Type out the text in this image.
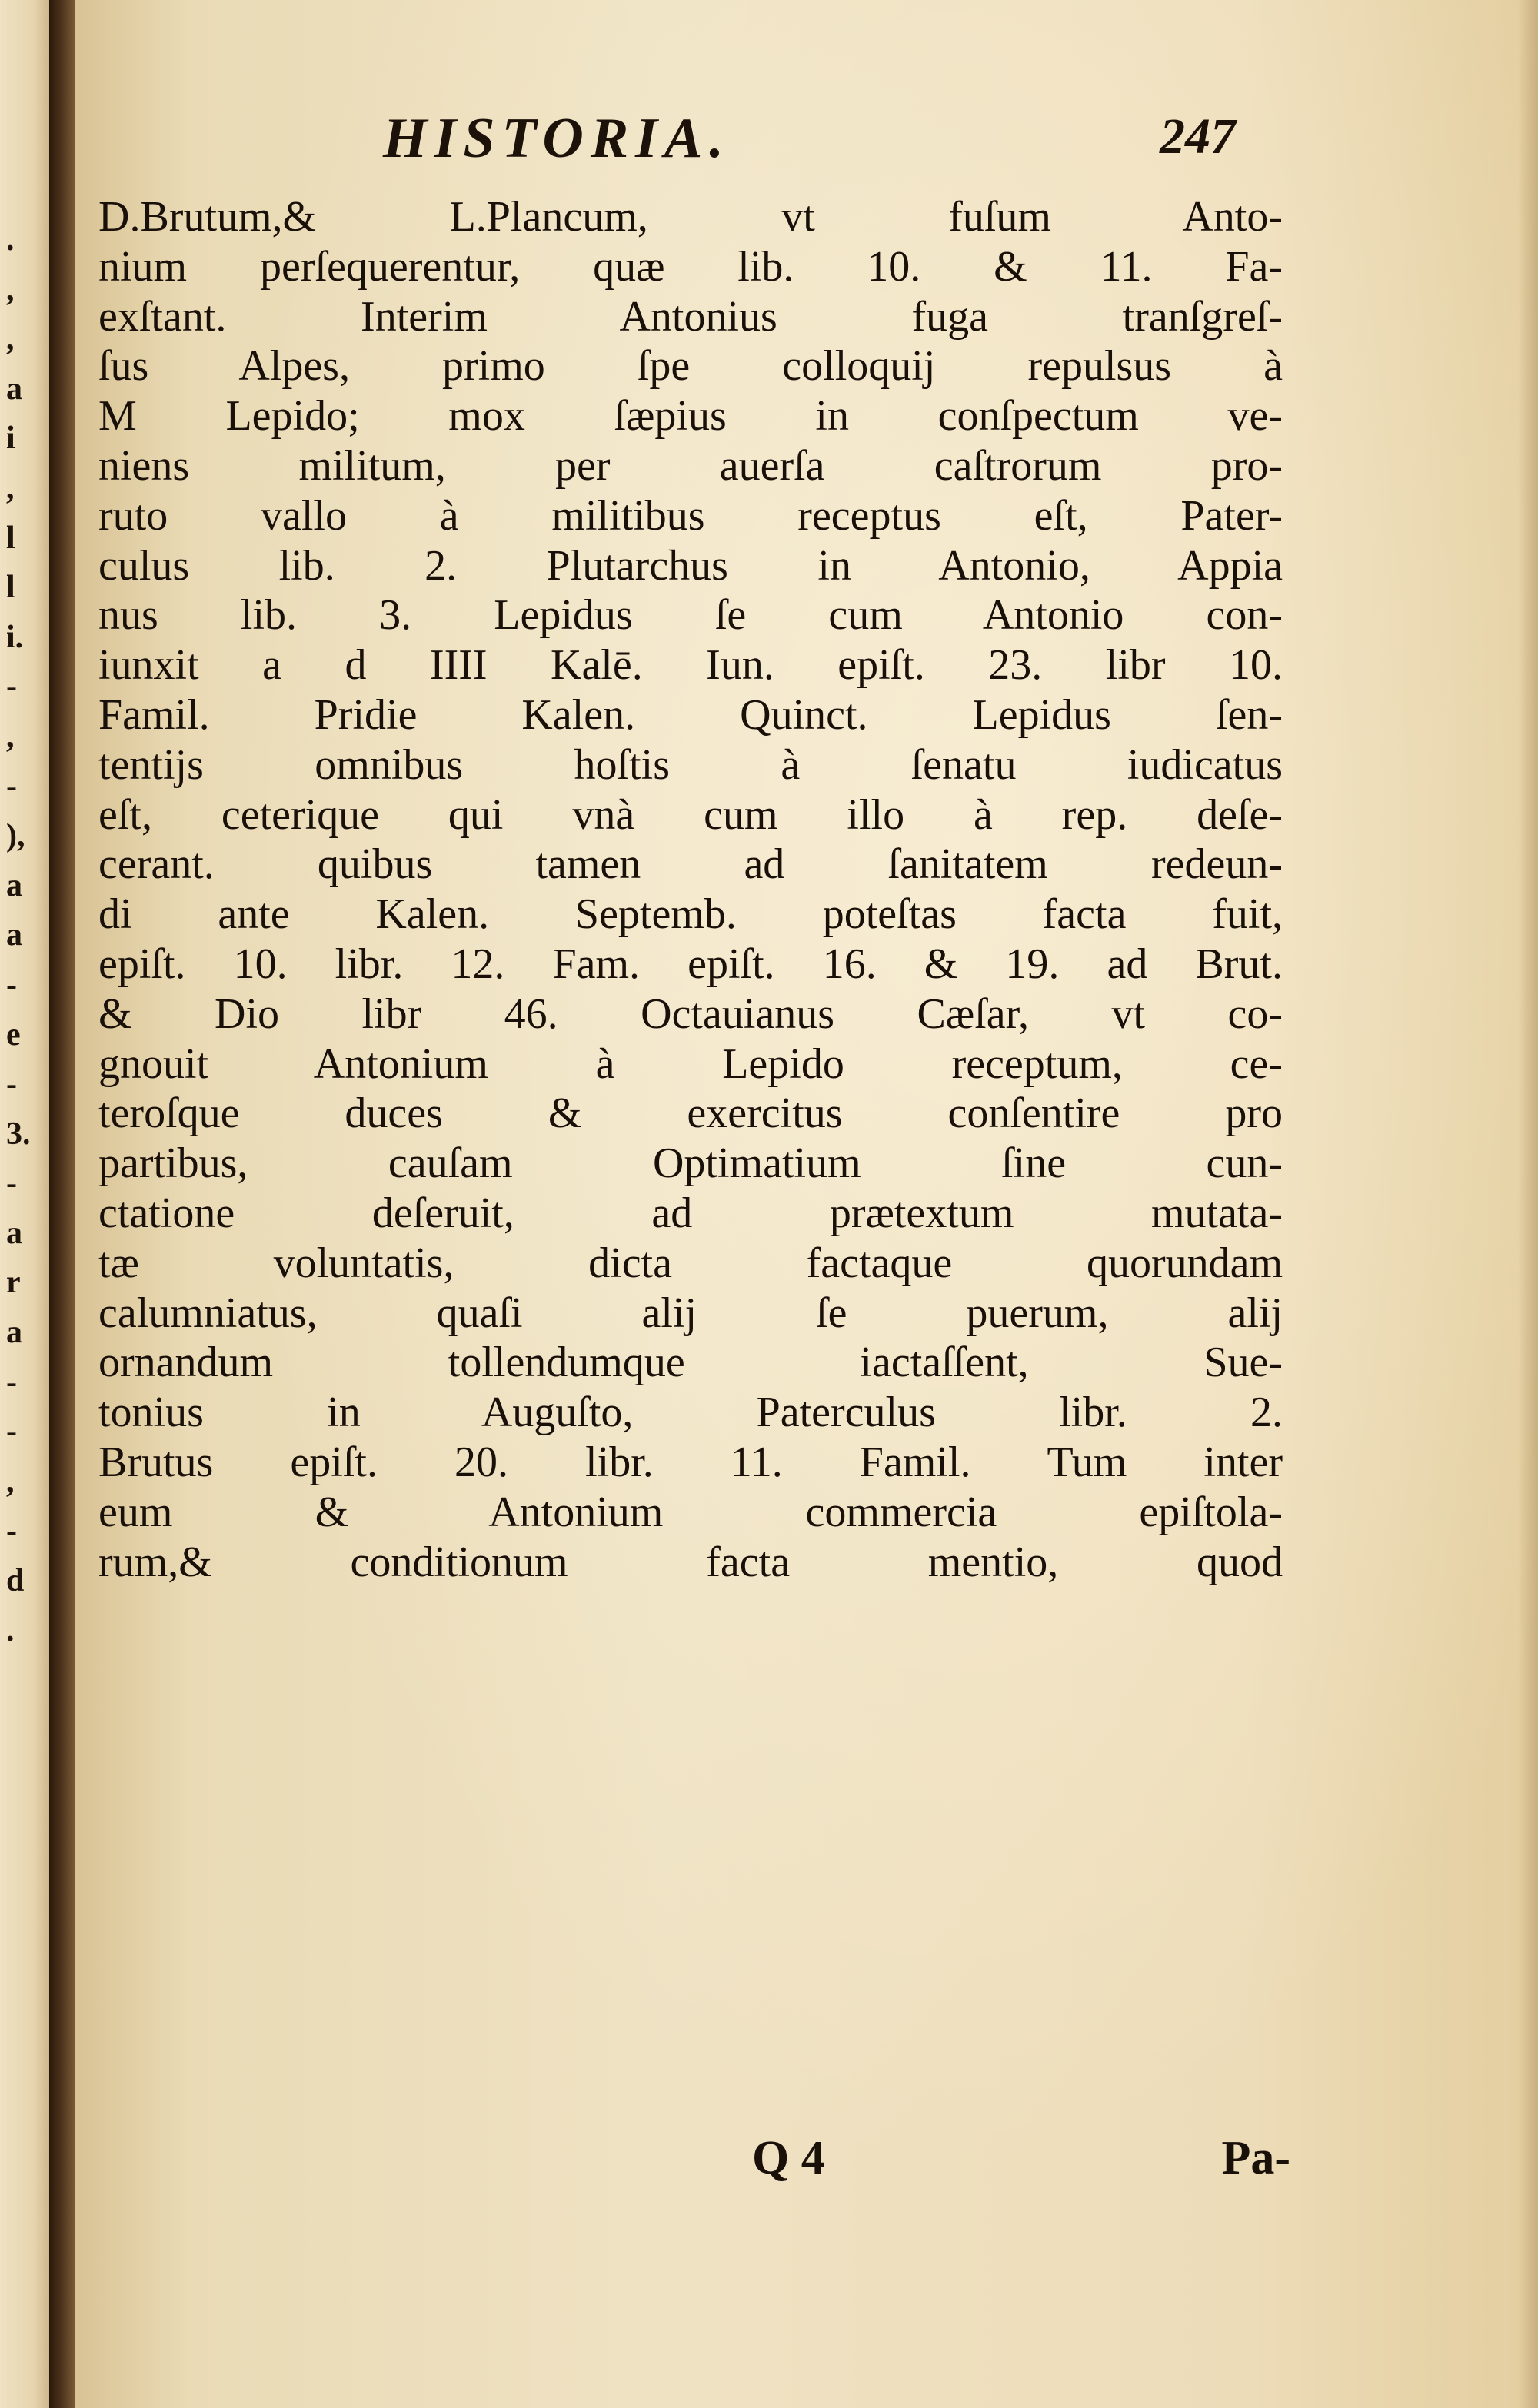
.
,
,
a
i
,
l
l
i.
-
,
-
),
a
a
-
e
-
3.
-
a
r
a
-
-
,
-
d
.
HISTORIA.	247
D.Brutum,& L.Plancum, vt fuſum Anto-
nium perſequerentur, quæ lib. 10. & 11. Fa-
exſtant. Interim Antonius fuga tranſgreſ-
ſus Alpes, primo ſpe colloquij repulsus à
M Lepido; mox ſæpius in conſpectum ve-
niens militum, per auerſa caſtrorum pro-
ruto vallo à militibus receptus eſt, Pater-
culus lib. 2. Plutarchus in Antonio, Appia
nus lib. 3. Lepidus ſe cum Antonio con-
iunxit a d IIII Kalē. Iun. epiſt. 23. libr 10.
Famil. Pridie Kalen. Quinct. Lepidus ſen-
tentijs omnibus hoſtis à ſenatu iudicatus
eſt, ceterique qui vnà cum illo à rep. deſe-
cerant. quibus tamen ad ſanitatem redeun-
di ante Kalen. Septemb. poteſtas facta fuit,
epiſt. 10. libr. 12. Fam. epiſt. 16. & 19. ad Brut.
& Dio libr 46. Octauianus Cæſar, vt co-
gnouit Antonium à Lepido receptum, ce-
teroſque duces & exercitus conſentire pro
partibus, cauſam Optimatium ſine cun-
ctatione deſeruit, ad prætextum mutata-
tæ voluntatis, dicta factaque quorundam
calumniatus, quaſi alij ſe puerum, alij
ornandum tollendumque iactaſſent, Sue-
tonius in Auguſto, Paterculus libr. 2.
Brutus epiſt. 20. libr. 11. Famil. Tum inter
eum & Antonium commercia epiſtola-
rum,& conditionum facta mentio, quod
Q 4	Pa-
